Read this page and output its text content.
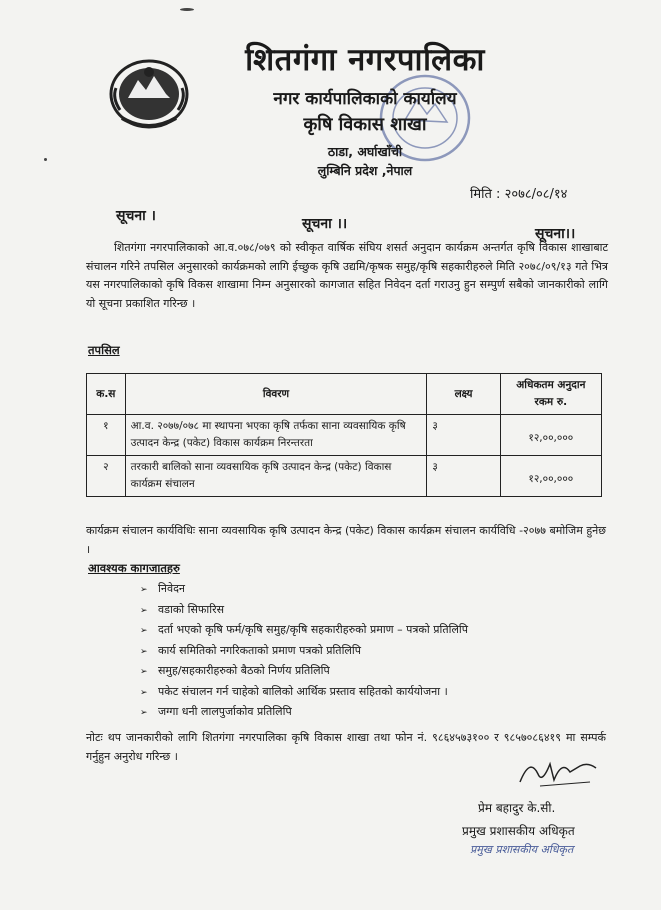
शितगंगा नगरपालिका
नगर कार्यपालिकाको कार्यालय
कृषि विकास शाखा
ठाडा, अर्घाखाँची
लुम्बिनि प्रदेश ,नेपाल
मिति : २०७८/०८/१४
सूचना ।	सूचना ।।
सूचना।।

शितगंगा नगरपालिकाको आ.व.०७८/०७९ को स्वीकृत वार्षिक संघिय शसर्त अनुदान कार्यक्रम अन्तर्गत कृषि विकास शाखाबाट संचालन गरिने तपसिल अनुसारको कार्यक्रमको लागि ईच्छुक कृषि उद्यमि/कृषक समुह/कृषि सहकारीहरुले मिति २०७८/०९/१३ गते भित्र यस नगरपालिकाको कृषि विकस शाखामा निम्न अनुसारको कागजात सहित निवेदन दर्ता गराउनु हुन सम्पुर्ण सबैको जानकारीको लागि यो सूचना प्रकाशित गरिन्छ ।

तपसिल
क.स	विवरण	लक्ष्य	अधिकतम अनुदान रकम रु.
१	आ.व. २०७७/०७८ मा स्थापना भएका कृषि तर्फका साना व्यवसायिक कृषि उत्पादन केन्द्र (पकेट) विकास कार्यक्रम निरन्तरता	३	१२,००,०००
२	तरकारी बालिको साना व्यवसायिक कृषि उत्पादन केन्द्र (पकेट) विकास कार्यक्रम संचालन	३	१२,००,०००

कार्यक्रम संचालन कार्यविधिः साना व्यवसायिक कृषि उत्पादन केन्द्र (पकेट) विकास कार्यक्रम संचालन कार्यविधि -२०७७ बमोजिम हुनेछ ।

आवश्यक कागजातहरु
➢ निवेदन
➢ वडाको सिफारिस
➢ दर्ता भएको कृषि फर्म/कृषि समुह/कृषि सहकारीहरुको प्रमाण – पत्रको प्रतिलिपि
➢ कार्य समितिको नगरिकताको प्रमाण पत्रको प्रतिलिपि
➢ समुह/सहकारीहरुको बैठको निर्णय प्रतिलिपि
➢ पकेट संचालन गर्न चाहेको बालिको आर्थिक प्रस्ताव सहितको कार्ययोजना ।
➢ जग्गा धनी लालपुर्जाकोव प्रतिलिपि

नोटः थप जानकारीको लागि शितगंगा नगरपालिका कृषि विकास शाखा तथा फोन नं. ९८६४५७३१०० र ९८५७०८६४१९ मा सम्पर्क गर्नुहुन अनुरोध गरिन्छ ।

प्रेम बहादुर के.सी.
प्रमुख प्रशासकीय अधिकृत
प्रमुख प्रशासकीय अधिकृत
